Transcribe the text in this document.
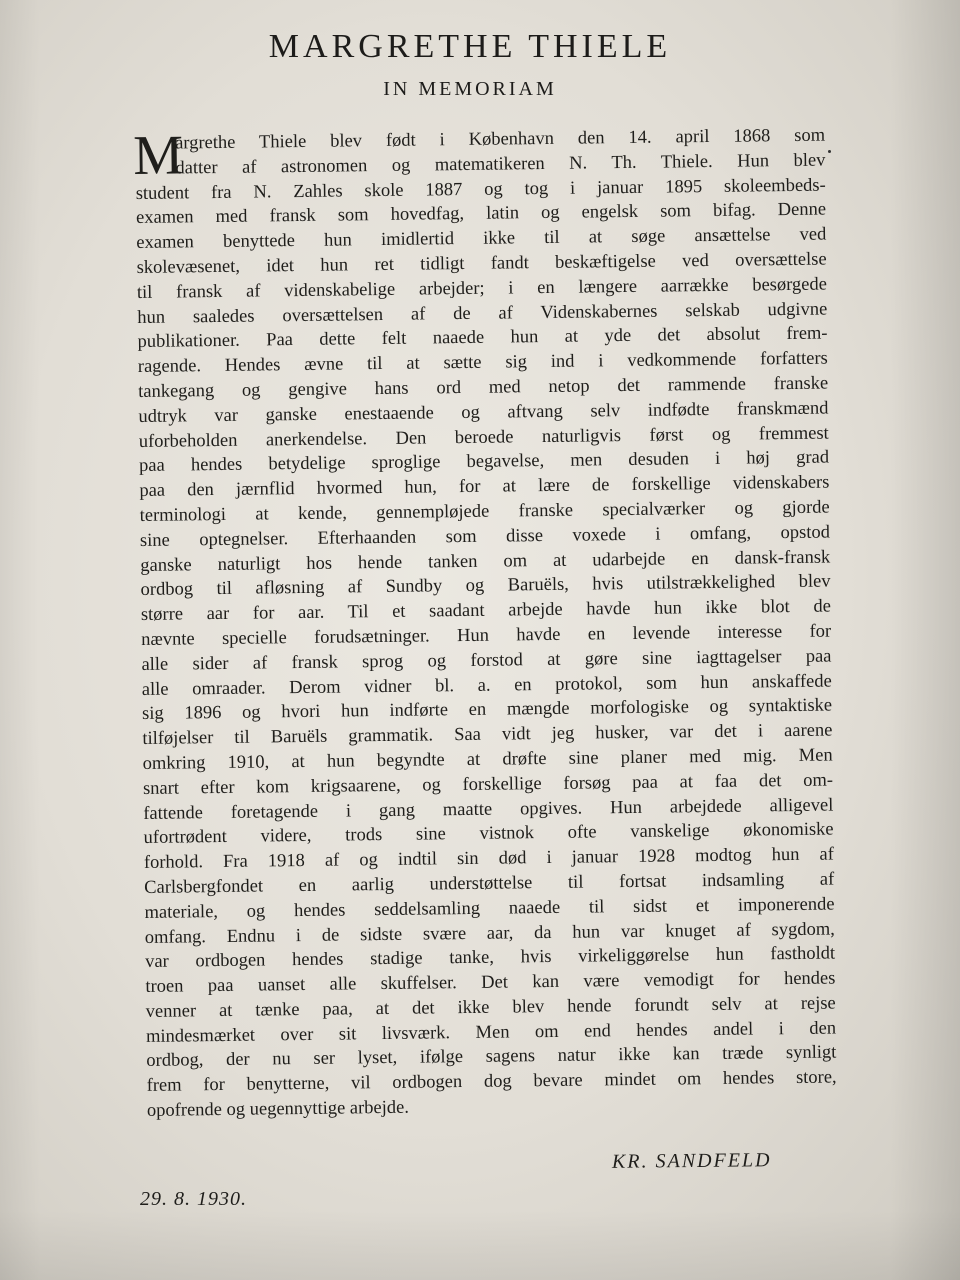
MARGRETHE THIELE
IN MEMORIAM
M
argrethe Thiele blev født i København den 14. april 1868 som
datter af astronomen og matematikeren N. Th. Thiele. Hun blev
student fra N. Zahles skole 1887 og tog i januar 1895 skoleembeds-
examen med fransk som hovedfag, latin og engelsk som bifag. Denne
examen benyttede hun imidlertid ikke til at søge ansættelse ved
skolevæsenet, idet hun ret tidligt fandt beskæftigelse ved oversættelse
til fransk af videnskabelige arbejder; i en længere aarrække besørgede
hun saaledes oversættelsen af de af Videnskabernes selskab udgivne
publikationer. Paa dette felt naaede hun at yde det absolut frem-
ragende. Hendes ævne til at sætte sig ind i vedkommende forfatters
tankegang og gengive hans ord med netop det rammende franske
udtryk var ganske enestaaende og aftvang selv indfødte franskmænd
uforbeholden anerkendelse. Den beroede naturligvis først og fremmest
paa hendes betydelige sproglige begavelse, men desuden i høj grad
paa den jærnflid hvormed hun, for at lære de forskellige videnskabers
terminologi at kende, gennempløjede franske specialværker og gjorde
sine optegnelser. Efterhaanden som disse voxede i omfang, opstod
ganske naturligt hos hende tanken om at udarbejde en dansk-fransk
ordbog til afløsning af Sundby og Baruëls, hvis utilstrækkelighed blev
større aar for aar. Til et saadant arbejde havde hun ikke blot de
nævnte specielle forudsætninger. Hun havde en levende interesse for
alle sider af fransk sprog og forstod at gøre sine iagttagelser paa
alle omraader. Derom vidner bl. a. en protokol, som hun anskaffede
sig 1896 og hvori hun indførte en mængde morfologiske og syntaktiske
tilføjelser til Baruëls grammatik. Saa vidt jeg husker, var det i aarene
omkring 1910, at hun begyndte at drøfte sine planer med mig. Men
snart efter kom krigsaarene, og forskellige forsøg paa at faa det om-
fattende foretagende i gang maatte opgives. Hun arbejdede alligevel
ufortrødent videre, trods sine vistnok ofte vanskelige økonomiske
forhold. Fra 1918 af og indtil sin død i januar 1928 modtog hun af
Carlsbergfondet en aarlig understøttelse til fortsat indsamling af
materiale, og hendes seddelsamling naaede til sidst et imponerende
omfang. Endnu i de sidste svære aar, da hun var knuget af sygdom,
var ordbogen hendes stadige tanke, hvis virkeliggørelse hun fastholdt
troen paa uanset alle skuffelser. Det kan være vemodigt for hendes
venner at tænke paa, at det ikke blev hende forundt selv at rejse
mindesmærket over sit livsværk. Men om end hendes andel i den
ordbog, der nu ser lyset, ifølge sagens natur ikke kan træde synligt
frem for benytterne, vil ordbogen dog bevare mindet om hendes store,
opofrende og uegennyttige arbejde.
KR. SANDFELD
29. 8. 1930.
